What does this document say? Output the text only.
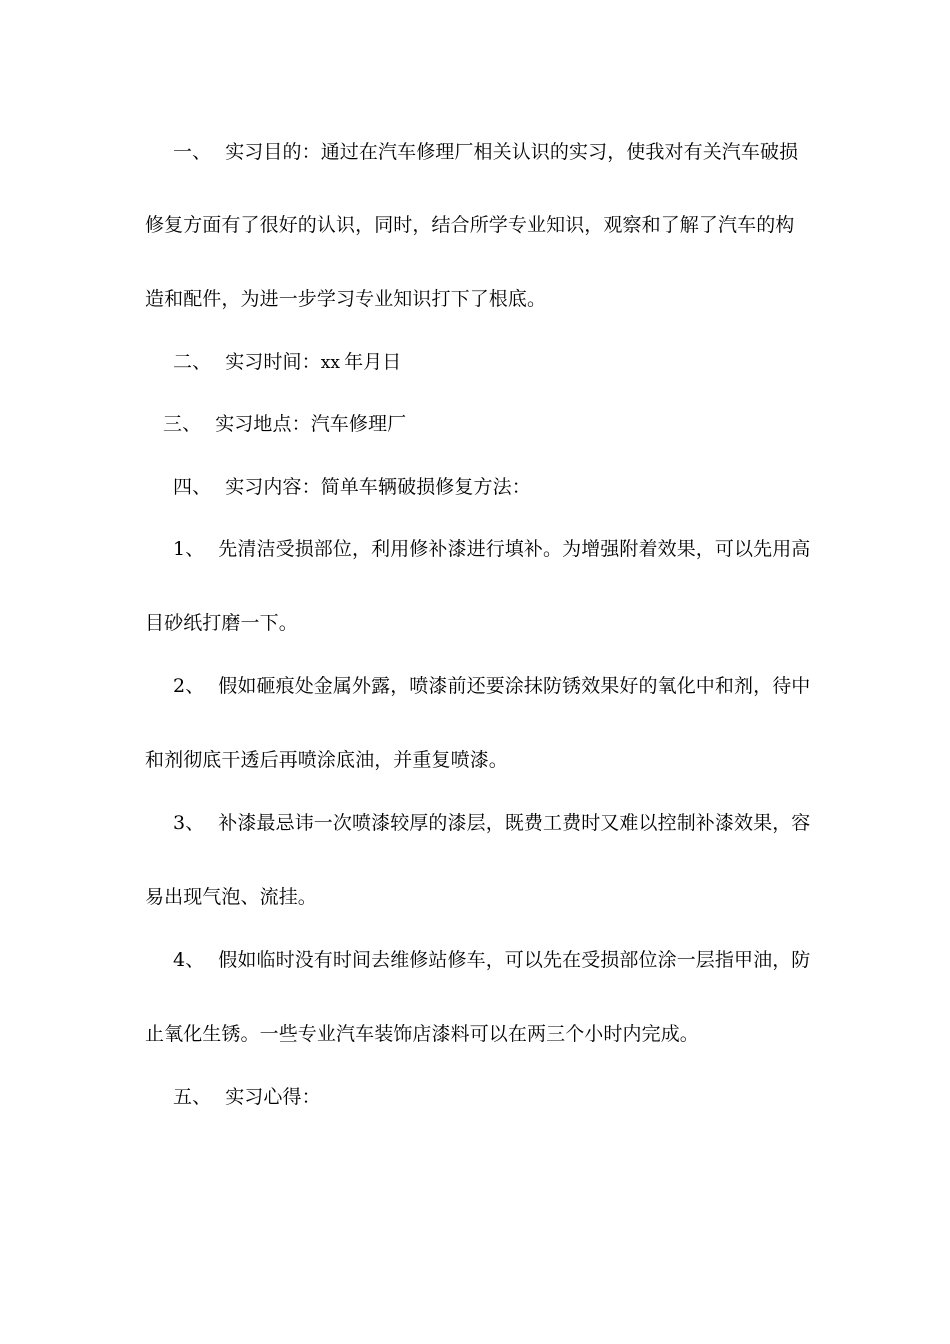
一、 实习目的：通过在汽车修理厂相关认识的实习，使我对有关汽车破损
修复方面有了很好的认识，同时，结合所学专业知识，观察和了解了汽车的构
造和配件，为进一步学习专业知识打下了根底。
二、 实习时间：xx 年月日
三、 实习地点：汽车修理厂
四、 实习内容：简单车辆破损修复方法：
1、 先清洁受损部位，利用修补漆进行填补。为增强附着效果，可以先用高
目砂纸打磨一下。
2、 假如砸痕处金属外露，喷漆前还要涂抹防锈效果好的氧化中和剂，待中
和剂彻底干透后再喷涂底油，并重复喷漆。
3、 补漆最忌讳一次喷漆较厚的漆层，既费工费时又难以控制补漆效果，容
易出现气泡、流挂。
4、 假如临时没有时间去维修站修车，可以先在受损部位涂一层指甲油，防
止氧化生锈。一些专业汽车装饰店漆料可以在两三个小时内完成。
五、 实习心得：
